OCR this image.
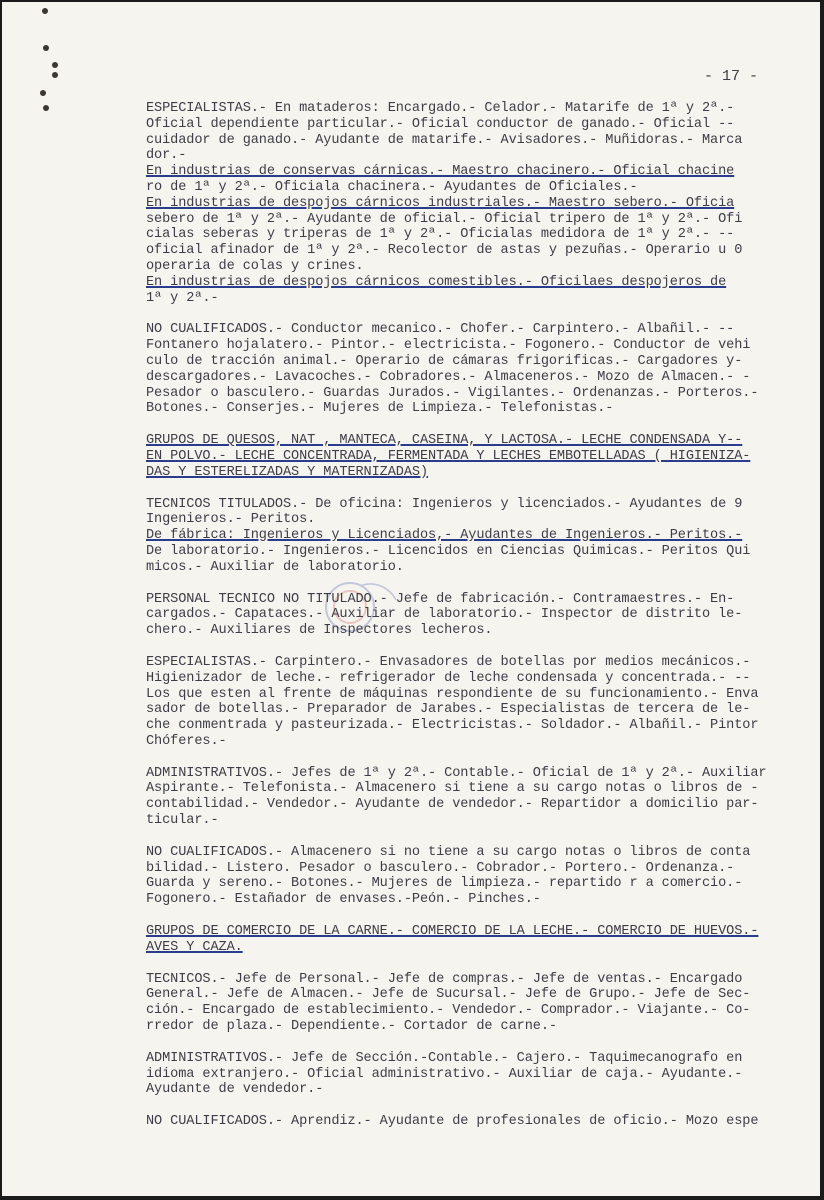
- 17 -
ESPECIALISTAS.- En mataderos: Encargado.- Celador.- Matarife de 1ª y 2ª.-
Oficial dependiente particular.- Oficial conductor de ganado.- Oficial --
cuidador de ganado.- Ayudante de matarife.- Avisadores.- Muñidoras.- Marca
dor.-
En industrias de conservas cárnicas.- Maestro chacinero.- Oficial chacine
ro de 1ª y 2ª.- Oficiala chacinera.- Ayudantes de Oficiales.-
En industrias de despojos cárnicos industriales.- Maestro sebero.- Oficia
sebero de 1ª y 2ª.- Ayudante de oficial.- Oficial tripero de 1ª y 2ª.- Ofi
cialas seberas y triperas de 1ª y 2ª.- Oficialas medidora de 1ª y 2ª.- --
oficial afinador de 1ª y 2ª.- Recolector de astas y pezuñas.- Operario u 0
operaria de colas y crines.
En industrias de despojos cárnicos comestibles.- Oficilaes despojeros de
1ª y 2ª.-
NO CUALIFICADOS.- Conductor mecanico.- Chofer.- Carpintero.- Albañil.- --
Fontanero hojalatero.- Pintor.- electricista.- Fogonero.- Conductor de vehi
culo de tracción animal.- Operario de cámaras frigorificas.- Cargadores y-
descargadores.- Lavacoches.- Cobradores.- Almaceneros.- Mozo de Almacen.- -
Pesador o basculero.- Guardas Jurados.- Vigilantes.- Ordenanzas.- Porteros.-
Botones.- Conserjes.- Mujeres de Limpieza.- Telefonistas.-
GRUPOS DE QUESOS, NAT , MANTECA, CASEINA, Y LACTOSA.- LECHE CONDENSADA Y--
EN POLVO.- LECHE CONCENTRADA, FERMENTADA Y LECHES EMBOTELLADAS ( HIGIENIZA-
DAS Y ESTERELIZADAS Y MATERNIZADAS)
TECNICOS TITULADOS.- De oficina: Ingenieros y licenciados.- Ayudantes de 9
Ingenieros.- Peritos.
De fábrica: Ingenieros y Licenciados,- Ayudantes de Ingenieros.- Peritos.-
De laboratorio.- Ingenieros.- Licencidos en Ciencias Quimicas.- Peritos Qui
micos.- Auxiliar de laboratorio.
PERSONAL TECNICO NO TITULADO.- Jefe de fabricación.- Contramaestres.- En-
cargados.- Capataces.- Auxiliar de laboratorio.- Inspector de distrito le-
chero.- Auxiliares de Inspectores lecheros.
ESPECIALISTAS.- Carpintero.- Envasadores de botellas por medios mecánicos.-
Higienizador de leche.- refrigerador de leche condensada y concentrada.- --
Los que esten al frente de máquinas respondiente de su funcionamiento.- Enva
sador de botellas.- Preparador de Jarabes.- Especialistas de tercera de le-
che conmentrada y pasteurizada.- Electricistas.- Soldador.- Albañil.- Pintor
Chóferes.-
ADMINISTRATIVOS.- Jefes de 1ª y 2ª.- Contable.- Oficial de 1ª y 2ª.- Auxiliar
Aspirante.- Telefonista.- Almacenero si tiene a su cargo notas o libros de -
contabilidad.- Vendedor.- Ayudante de vendedor.- Repartidor a domicilio par-
ticular.-
NO CUALIFICADOS.- Almacenero si no tiene a su cargo notas o libros de conta
bilidad.- Listero. Pesador o basculero.- Cobrador.- Portero.- Ordenanza.-
Guarda y sereno.- Botones.- Mujeres de limpieza.- repartido r a comercio.-
Fogonero.- Estañador de envases.-Peón.- Pinches.-
GRUPOS DE COMERCIO DE LA CARNE.- COMERCIO DE LA LECHE.- COMERCIO DE HUEVOS.-
AVES Y CAZA.
TECNICOS.- Jefe de Personal.- Jefe de compras.- Jefe de ventas.- Encargado
General.- Jefe de Almacen.- Jefe de Sucursal.- Jefe de Grupo.- Jefe de Sec-
ción.- Encargado de establecimiento.- Vendedor.- Comprador.- Viajante.- Co-
rredor de plaza.- Dependiente.- Cortador de carne.-
ADMINISTRATIVOS.- Jefe de Sección.-Contable.- Cajero.- Taquimecanografo en
idioma extranjero.- Oficial administrativo.- Auxiliar de caja.- Ayudante.-
Ayudante de vendedor.-
NO CUALIFICADOS.- Aprendiz.- Ayudante de profesionales de oficio.- Mozo espe
